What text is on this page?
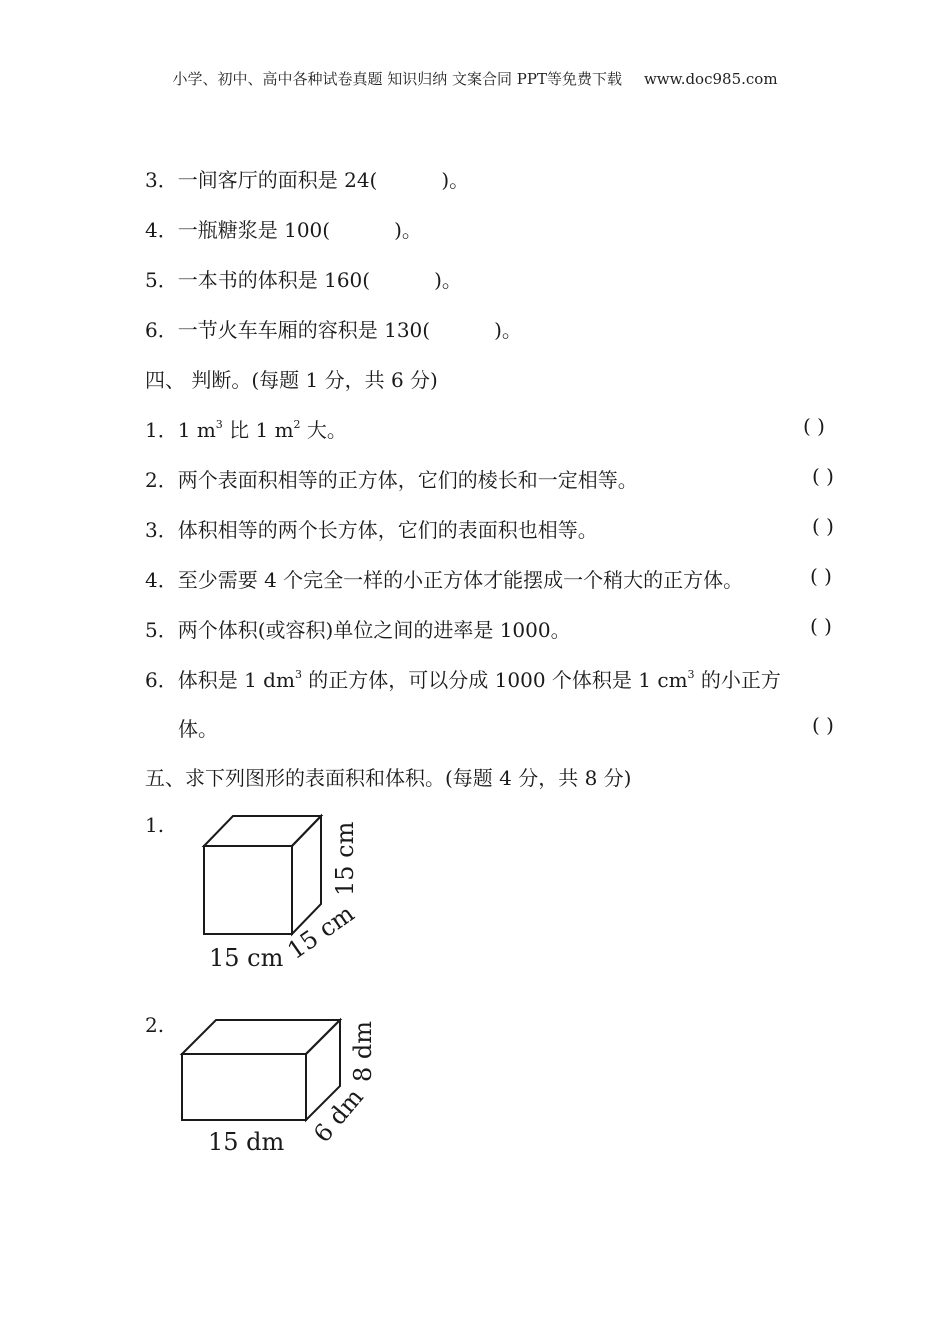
小学、初中、高中各种试卷真题 知识归纳 文案合同 PPT等免费下载 www.doc985.com
3．一间客厅的面积是 24(	)。
4．一瓶糖浆是 100(	)。
5．一本书的体积是 160(	)。
6．一节火车车厢的容积是 130(	)。
四、 判断。(每题 1 分，共 6 分)
1．1 $m^3$ 比 1 $m^2$ 大。	( )
2．两个表面积相等的正方体，它们的棱长和一定相等。	( )
3．体积相等的两个长方体，它们的表面积也相等。	( )
4．至少需要 4 个完全一样的小正方体才能摆成一个稍大的正方体。	( )
5．两个体积(或容积)单位之间的进率是 1000。	( )
6．体积是 1 $dm^3$ 的正方体，可以分成 1000 个体积是 1 $cm^3$ 的小正方
体。	( )
五、求下列图形的表面积和体积。(每题 4 分，共 8 分)
1.
15 cm 15 cm
15 cm
2.
15 dm 6 dm
8 dm
